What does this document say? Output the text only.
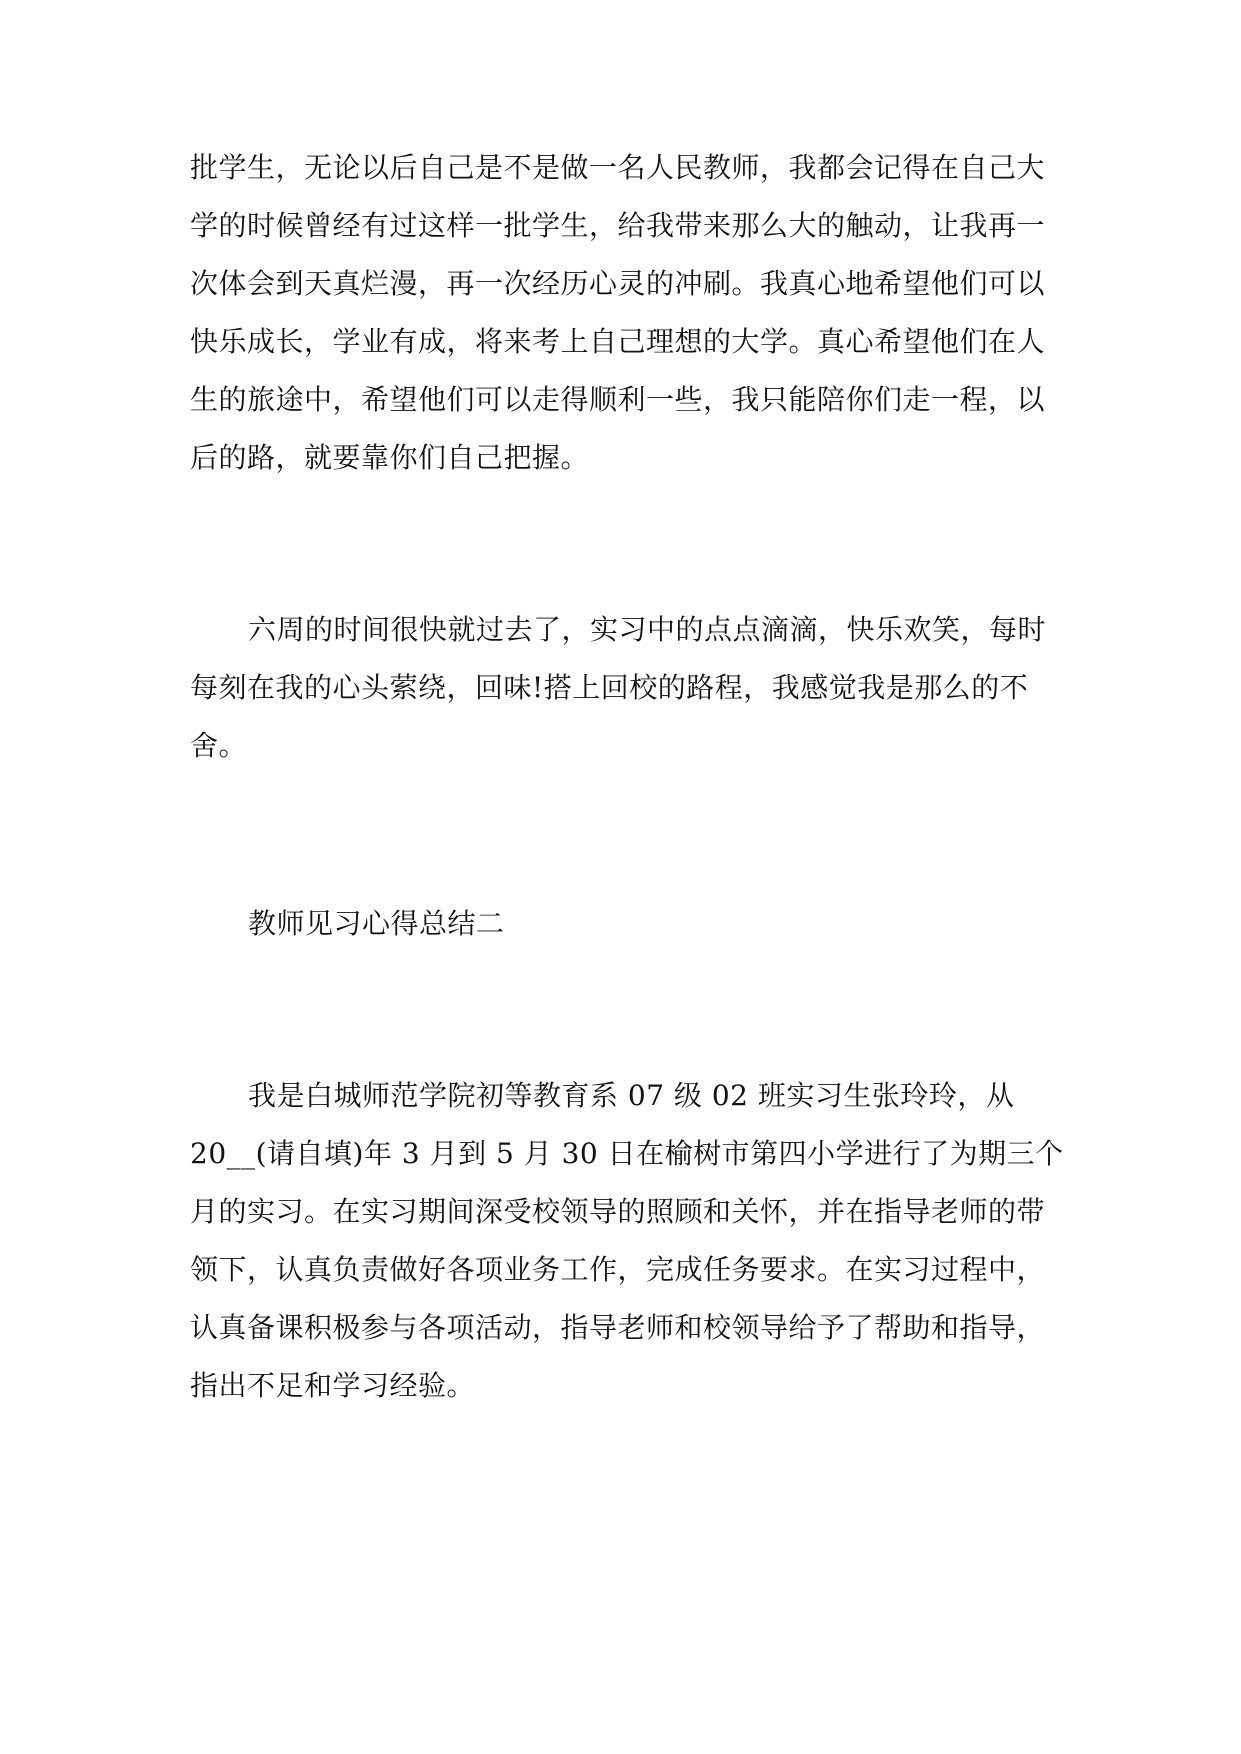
批学生，无论以后自己是不是做一名人民教师，我都会记得在自己大
学的时候曾经有过这样一批学生，给我带来那么大的触动，让我再一
次体会到天真烂漫，再一次经历心灵的冲刷。我真心地希望他们可以
快乐成长，学业有成，将来考上自己理想的大学。真心希望他们在人
生的旅途中，希望他们可以走得顺利一些，我只能陪你们走一程，以
后的路，就要靠你们自己把握。
六周的时间很快就过去了，实习中的点点滴滴，快乐欢笑，每时
每刻在我的心头萦绕，回味!搭上回校的路程，我感觉我是那么的不
舍。
教师见习心得总结二
我是白城师范学院初等教育系 07 级 02 班实习生张玲玲，从
20__(请自填)年 3 月到 5 月 30 日在榆树市第四小学进行了为期三个
月的实习。在实习期间深受校领导的照顾和关怀，并在指导老师的带
领下，认真负责做好各项业务工作，完成任务要求。在实习过程中，
认真备课积极参与各项活动，指导老师和校领导给予了帮助和指导，
指出不足和学习经验。
